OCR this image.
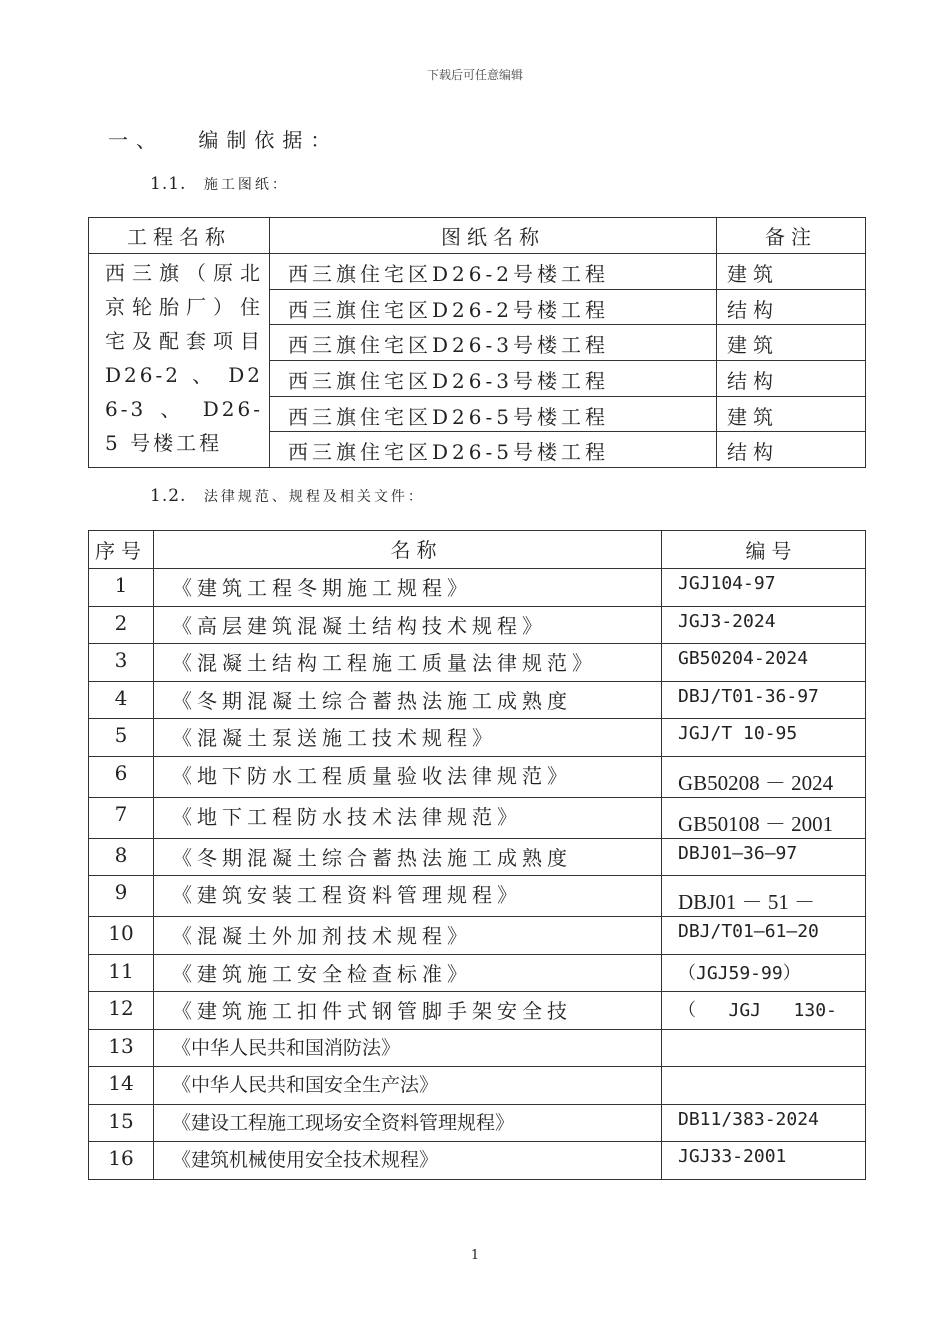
下载后可任意编辑
一、 编制依据：
1.1. 施工图纸：
工程名称	图纸名称	备注
西三旗（原北京轮胎厂）住宅及配套项目 D26-2 、 D26-3 、 D26-5 号楼工程	西三旗住宅区D26-2号楼工程	建筑
	西三旗住宅区D26-2号楼工程	结构
	西三旗住宅区D26-3号楼工程	建筑
	西三旗住宅区D26-3号楼工程	结构
	西三旗住宅区D26-5号楼工程	建筑
	西三旗住宅区D26-5号楼工程	结构
1.2. 法律规范、规程及相关文件：
序号	名称	编号
1	《建筑工程冬期施工规程》	JGJ104-97
2	《高层建筑混凝土结构技术规程》	JGJ3-2024
3	《混凝土结构工程施工质量法律规范》	GB50204-2024
4	《冬期混凝土综合蓄热法施工成熟度	DBJ/T01-36-97
5	《混凝土泵送施工技术规程》	JGJ/T 10-95
6	《地下防水工程质量验收法律规范》	GB50208 － 2024
7	《地下工程防水技术法律规范》	GB50108 － 2001
8	《冬期混凝土综合蓄热法施工成熟度	DBJ01—36—97
9	《建筑安装工程资料管理规程》	DBJ01 － 51 －
10	《混凝土外加剂技术规程》	DBJ/T01—61—20
11	《建筑施工安全检查标准》	（JGJ59-99）
12	《建筑施工扣件式钢管脚手架安全技	（   JGJ   130-
13	《中华人民共和国消防法》	
14	《中华人民共和国安全生产法》	
15	《建设工程施工现场安全资料管理规程》	DB11/383-2024
16	《建筑机械使用安全技术规程》	JGJ33-2001
1
